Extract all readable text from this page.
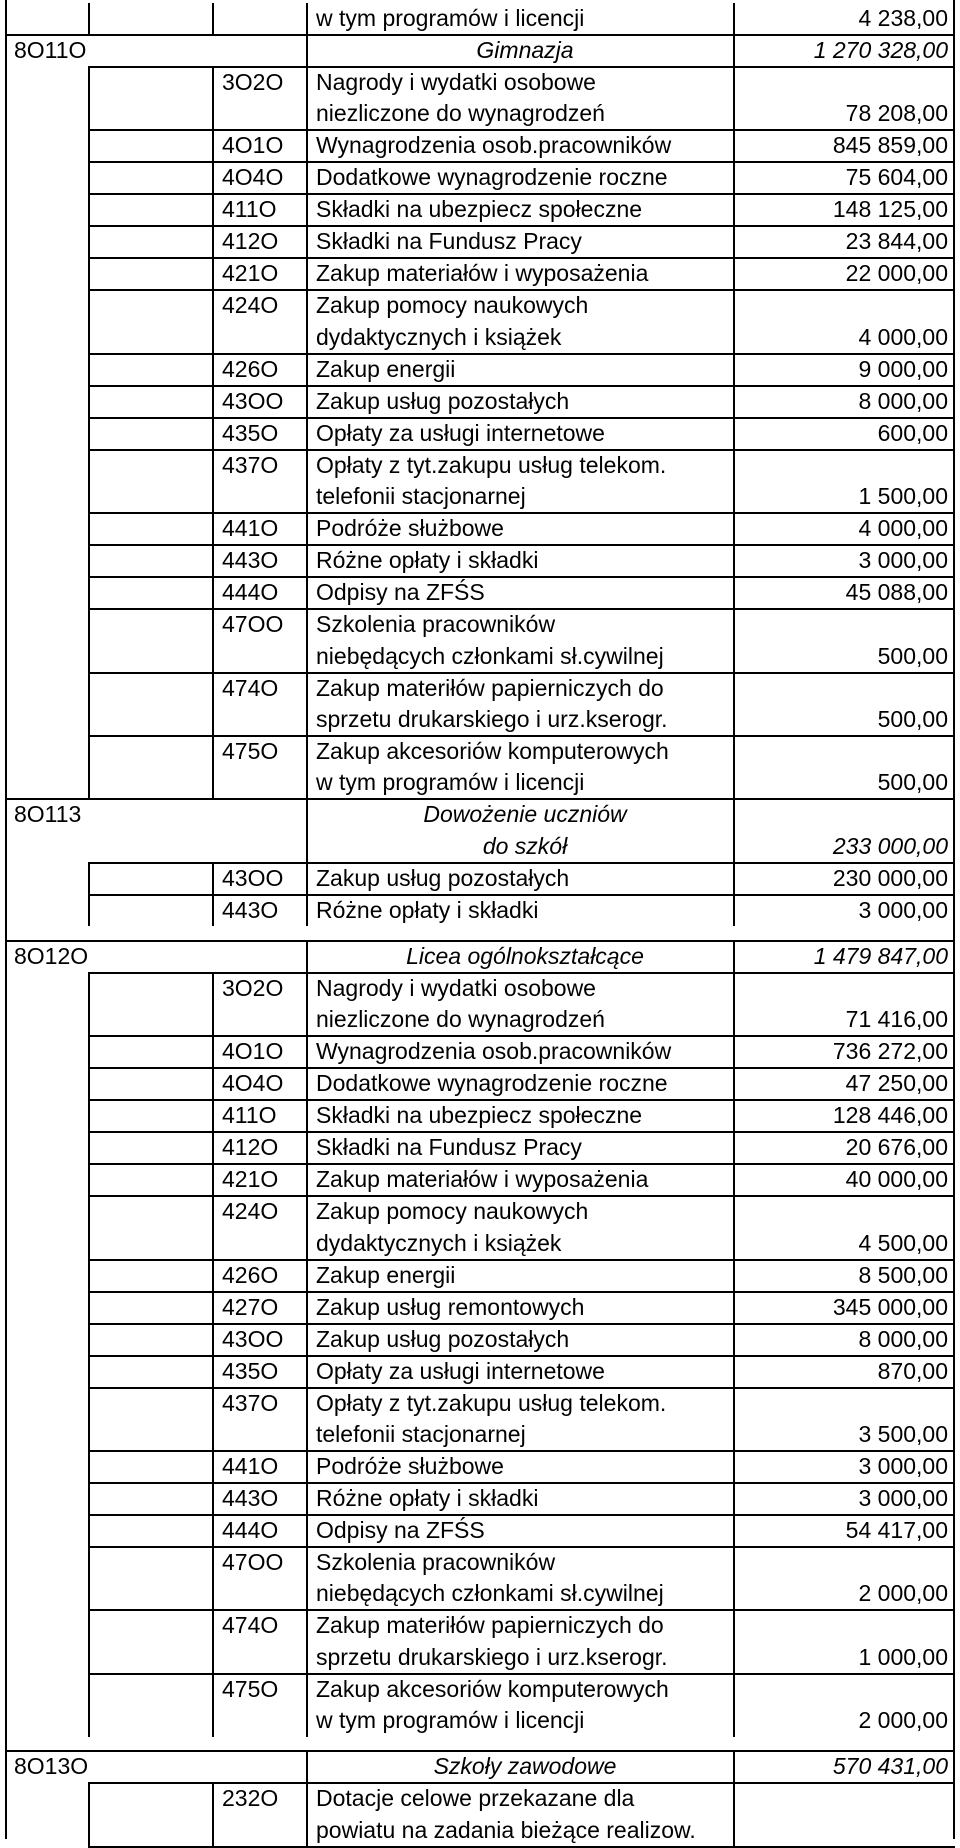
w tym programów i licencji	4 238,00
8O11O	Gimnazja	1 270 328,00
3O2O Nagrody i wydatki osobowe
niezliczone do wynagrodzeń	78 208,00
4O1O Wynagrodzenia osob.pracowników	845 859,00
4O4O Dodatkowe wynagrodzenie roczne	75 604,00
411O Składki na ubezpiecz społeczne	148 125,00
412O Składki na Fundusz Pracy	23 844,00
421O Zakup materiałów i wyposażenia	22 000,00
424O Zakup pomocy naukowych
dydaktycznych i książek	4 000,00
426O Zakup energii	9 000,00
43OO Zakup usług pozostałych	8 000,00
435O Opłaty za usługi internetowe	600,00
437O Opłaty z tyt.zakupu usług telekom.
telefonii stacjonarnej	1 500,00
441O Podróże służbowe	4 000,00
443O Różne opłaty i składki	3 000,00
444O Odpisy na ZFŚS	45 088,00
47OO Szkolenia pracowników
niebędących członkami sł.cywilnej	500,00
474O Zakup materiłów papierniczych do
sprzetu drukarskiego i urz.kserogr.	500,00
475O Zakup akcesoriów komputerowych
w tym programów i licencji	500,00
8O113	Dowożenie uczniów
do szkół	233 000,00
43OO Zakup usług pozostałych	230 000,00
443O Różne opłaty i składki	3 000,00
8O12O	Licea ogólnokształcące	1 479 847,00
3O2O Nagrody i wydatki osobowe
niezliczone do wynagrodzeń	71 416,00
4O1O Wynagrodzenia osob.pracowników	736 272,00
4O4O Dodatkowe wynagrodzenie roczne	47 250,00
411O Składki na ubezpiecz społeczne	128 446,00
412O Składki na Fundusz Pracy	20 676,00
421O Zakup materiałów i wyposażenia	40 000,00
424O Zakup pomocy naukowych
dydaktycznych i książek	4 500,00
426O Zakup energii	8 500,00
427O Zakup usług remontowych	345 000,00
43OO Zakup usług pozostałych	8 000,00
435O Opłaty za usługi internetowe	870,00
437O Opłaty z tyt.zakupu usług telekom.
telefonii stacjonarnej	3 500,00
441O Podróże służbowe	3 000,00
443O Różne opłaty i składki	3 000,00
444O Odpisy na ZFŚS	54 417,00
47OO Szkolenia pracowników
niebędących członkami sł.cywilnej	2 000,00
474O Zakup materiłów papierniczych do
sprzetu drukarskiego i urz.kserogr.	1 000,00
475O Zakup akcesoriów komputerowych
w tym programów i licencji	2 000,00
8O13O	Szkoły zawodowe	570 431,00
232O Dotacje celowe przekazane dla
powiatu na zadania bieżące realizow.
